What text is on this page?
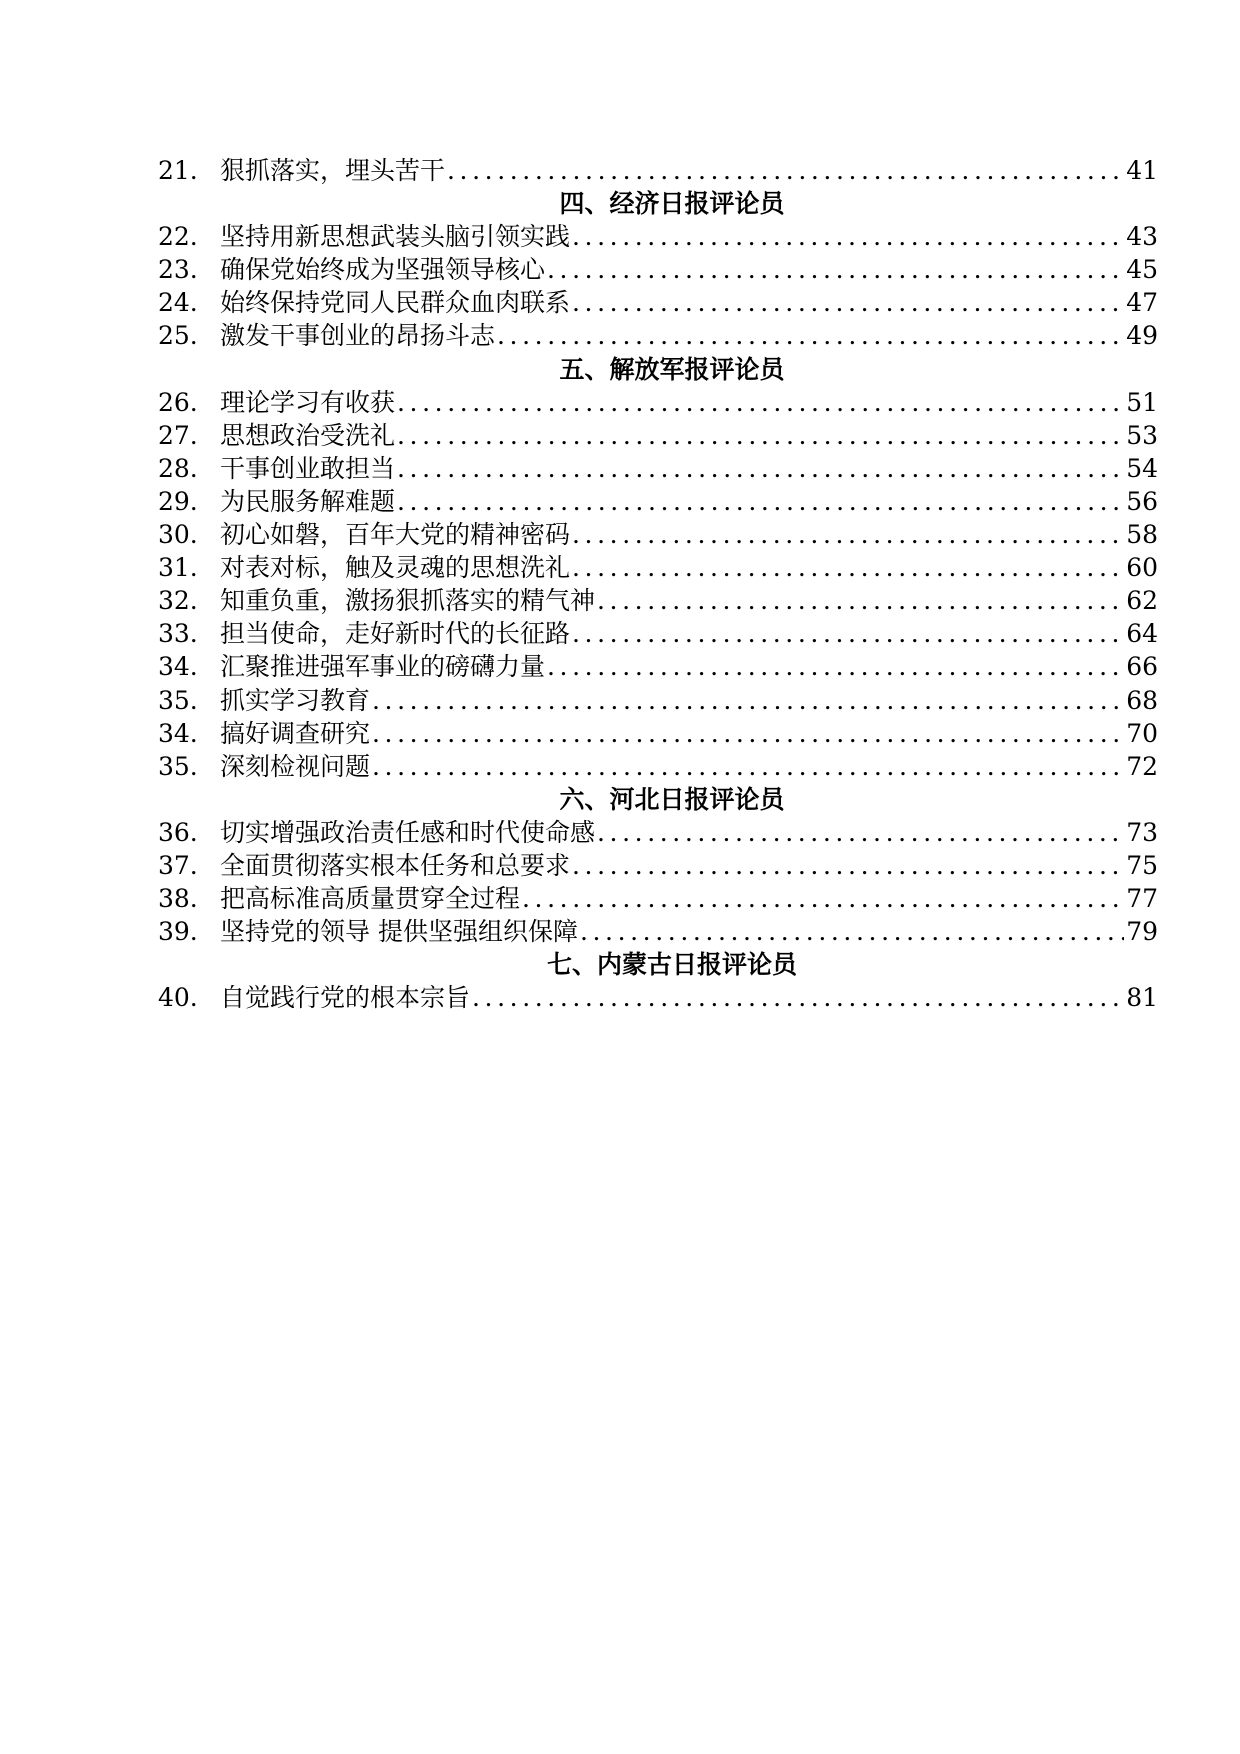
21. 狠抓落实，埋头苦干 .....	41
四、经济日报评论员
22. 坚持用新思想武装头脑引领实践 .....	43
23. 确保党始终成为坚强领导核心 .....	45
24. 始终保持党同人民群众血肉联系 .....	47
25. 激发干事创业的昂扬斗志 .....	49
五、解放军报评论员
26. 理论学习有收获 .....	51
27. 思想政治受洗礼 .....	53
28. 干事创业敢担当 .....	54
29. 为民服务解难题 .....	56
30. 初心如磐，百年大党的精神密码 .....	58
31. 对表对标，触及灵魂的思想洗礼 .....	60
32. 知重负重，激扬狠抓落实的精气神 .....	62
33. 担当使命，走好新时代的长征路 .....	64
34. 汇聚推进强军事业的磅礴力量 .....	66
35. 抓实学习教育 .....	68
34. 搞好调查研究 .....	70
35. 深刻检视问题 .....	72
六、河北日报评论员
36. 切实增强政治责任感和时代使命感 .....	73
37. 全面贯彻落实根本任务和总要求 .....	75
38. 把高标准高质量贯穿全过程 .....	77
39. 坚持党的领导 提供坚强组织保障 .....	79
七、内蒙古日报评论员
40. 自觉践行党的根本宗旨 .....	81
